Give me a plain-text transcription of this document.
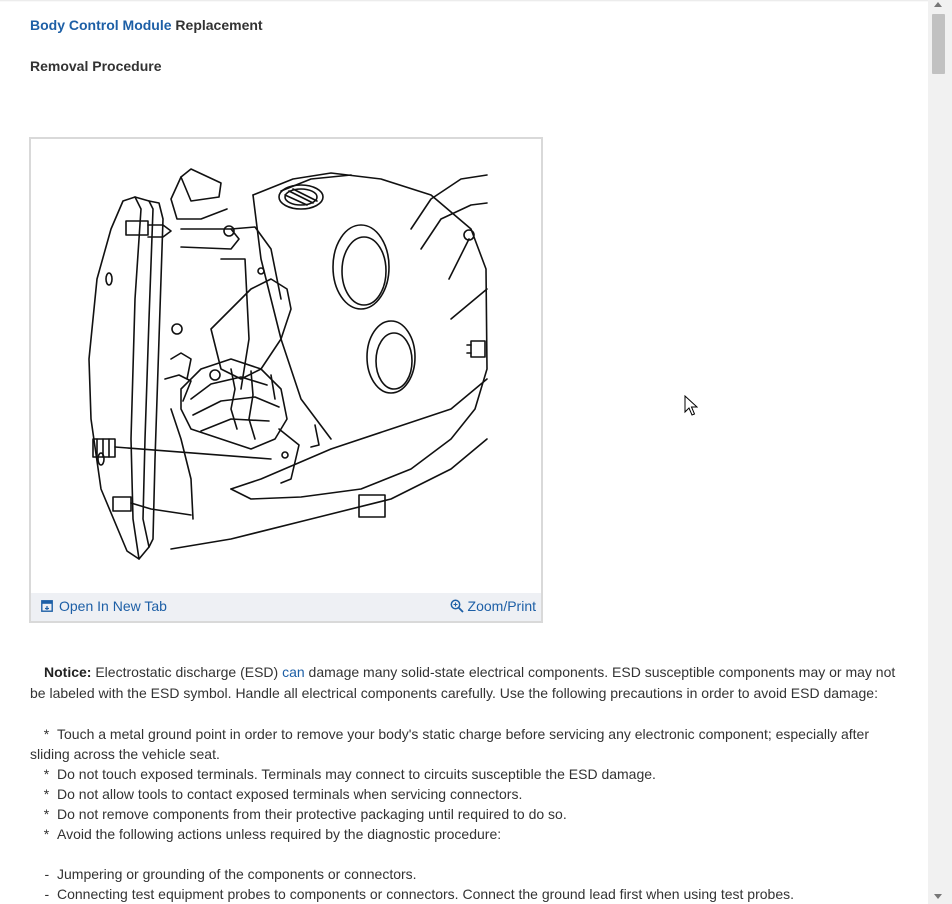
Body Control Module Replacement
Removal Procedure
Open In New Tab	Zoom/Print
Notice: Electrostatic discharge (ESD) can damage many solid-state electrical components. ESD susceptible components may or may not be labeled with the ESD symbol. Handle all electrical components carefully. Use the following precautions in order to avoid ESD damage:
*  Touch a metal ground point in order to remove your body's static charge before servicing any electronic component; especially after sliding across the vehicle seat.
*  Do not touch exposed terminals. Terminals may connect to circuits susceptible the ESD damage.
*  Do not allow tools to contact exposed terminals when servicing connectors.
*  Do not remove components from their protective packaging until required to do so.
*  Avoid the following actions unless required by the diagnostic procedure:
-  Jumpering or grounding of the components or connectors.
-  Connecting test equipment probes to components or connectors. Connect the ground lead first when using test probes.
